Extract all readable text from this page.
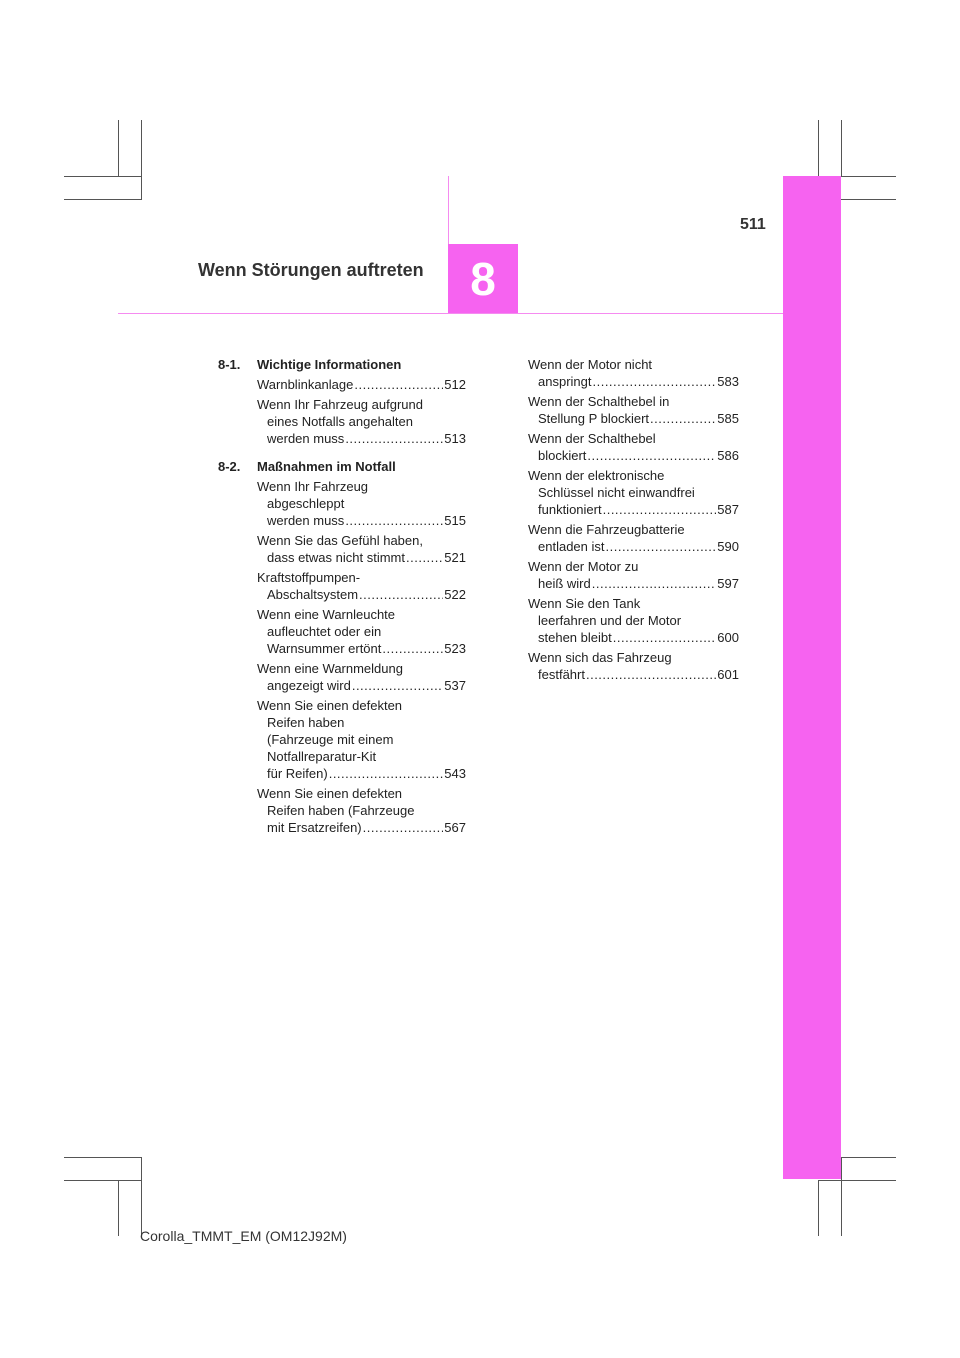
511
Wenn Störungen auftreten 8
8-1.	Wichtige Informationen
Warnblinkanlage .....	512
Wenn Ihr Fahrzeug aufgrund
eines Notfalls angehalten
werden muss .....	513
8-2.	Maßnahmen im Notfall
Wenn Ihr Fahrzeug
abgeschleppt
werden muss .....	515
Wenn Sie das Gefühl haben,
dass etwas nicht stimmt .....	521
Kraftstoffpumpen-
Abschaltsystem .....	522
Wenn eine Warnleuchte
aufleuchtet oder ein
Warnsummer ertönt .....	523
Wenn eine Warnmeldung
angezeigt wird .....	537
Wenn Sie einen defekten
Reifen haben
(Fahrzeuge mit einem
Notfallreparatur-Kit
für Reifen) .....	543
Wenn Sie einen defekten
Reifen haben (Fahrzeuge
mit Ersatzreifen) .....	567
Wenn der Motor nicht
anspringt .....	583
Wenn der Schalthebel in
Stellung P blockiert .....	585
Wenn der Schalthebel
blockiert .....	586
Wenn der elektronische
Schlüssel nicht einwandfrei
funktioniert .....	587
Wenn die Fahrzeugbatterie
entladen ist .....	590
Wenn der Motor zu
heiß wird .....	597
Wenn Sie den Tank
leerfahren und der Motor
stehen bleibt .....	600
Wenn sich das Fahrzeug
festfährt .....	601
Corolla_TMMT_EM (OM12J92M)
